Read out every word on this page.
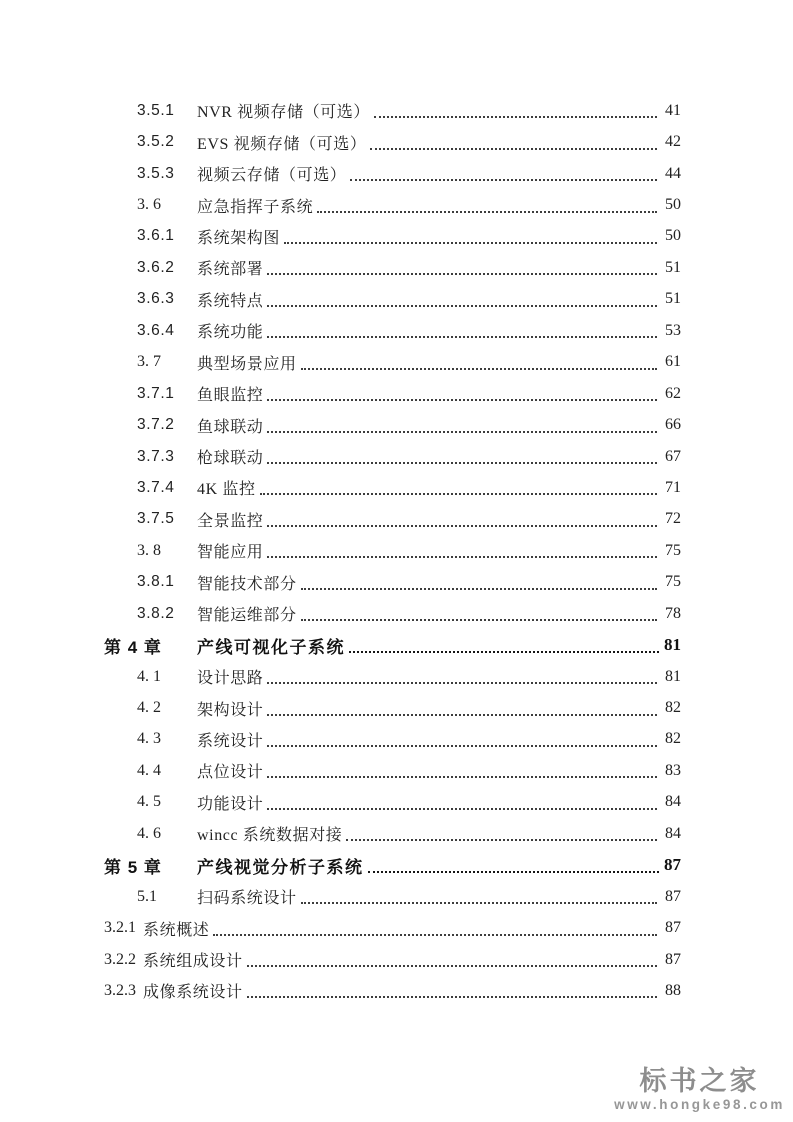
3.5.1	NVR 视频存储（可选）	41
3.5.2	EVS 视频存储（可选）	42
3.5.3	视频云存储（可选）	44
3. 6	应急指挥子系统	50
3.6.1	系统架构图	50
3.6.2	系统部署	51
3.6.3	系统特点	51
3.6.4	系统功能	53
3. 7	典型场景应用	61
3.7.1	鱼眼监控	62
3.7.2	鱼球联动	66
3.7.3	枪球联动	67
3.7.4	4K 监控	71
3.7.5	全景监控	72
3. 8	智能应用	75
3.8.1	智能技术部分	75
3.8.2	智能运维部分	78
第 4 章	产线可视化子系统	81
4. 1	设计思路	81
4. 2	架构设计	82
4. 3	系统设计	82
4. 4	点位设计	83
4. 5	功能设计	84
4. 6	wincc 系统数据对接	84
第 5 章	产线视觉分析子系统	87
5.1	扫码系统设计	87
3.2.1 系统概述	87
3.2.2 系统组成设计	87
3.2.3 成像系统设计	88
标书之家
www.hongke98.com
